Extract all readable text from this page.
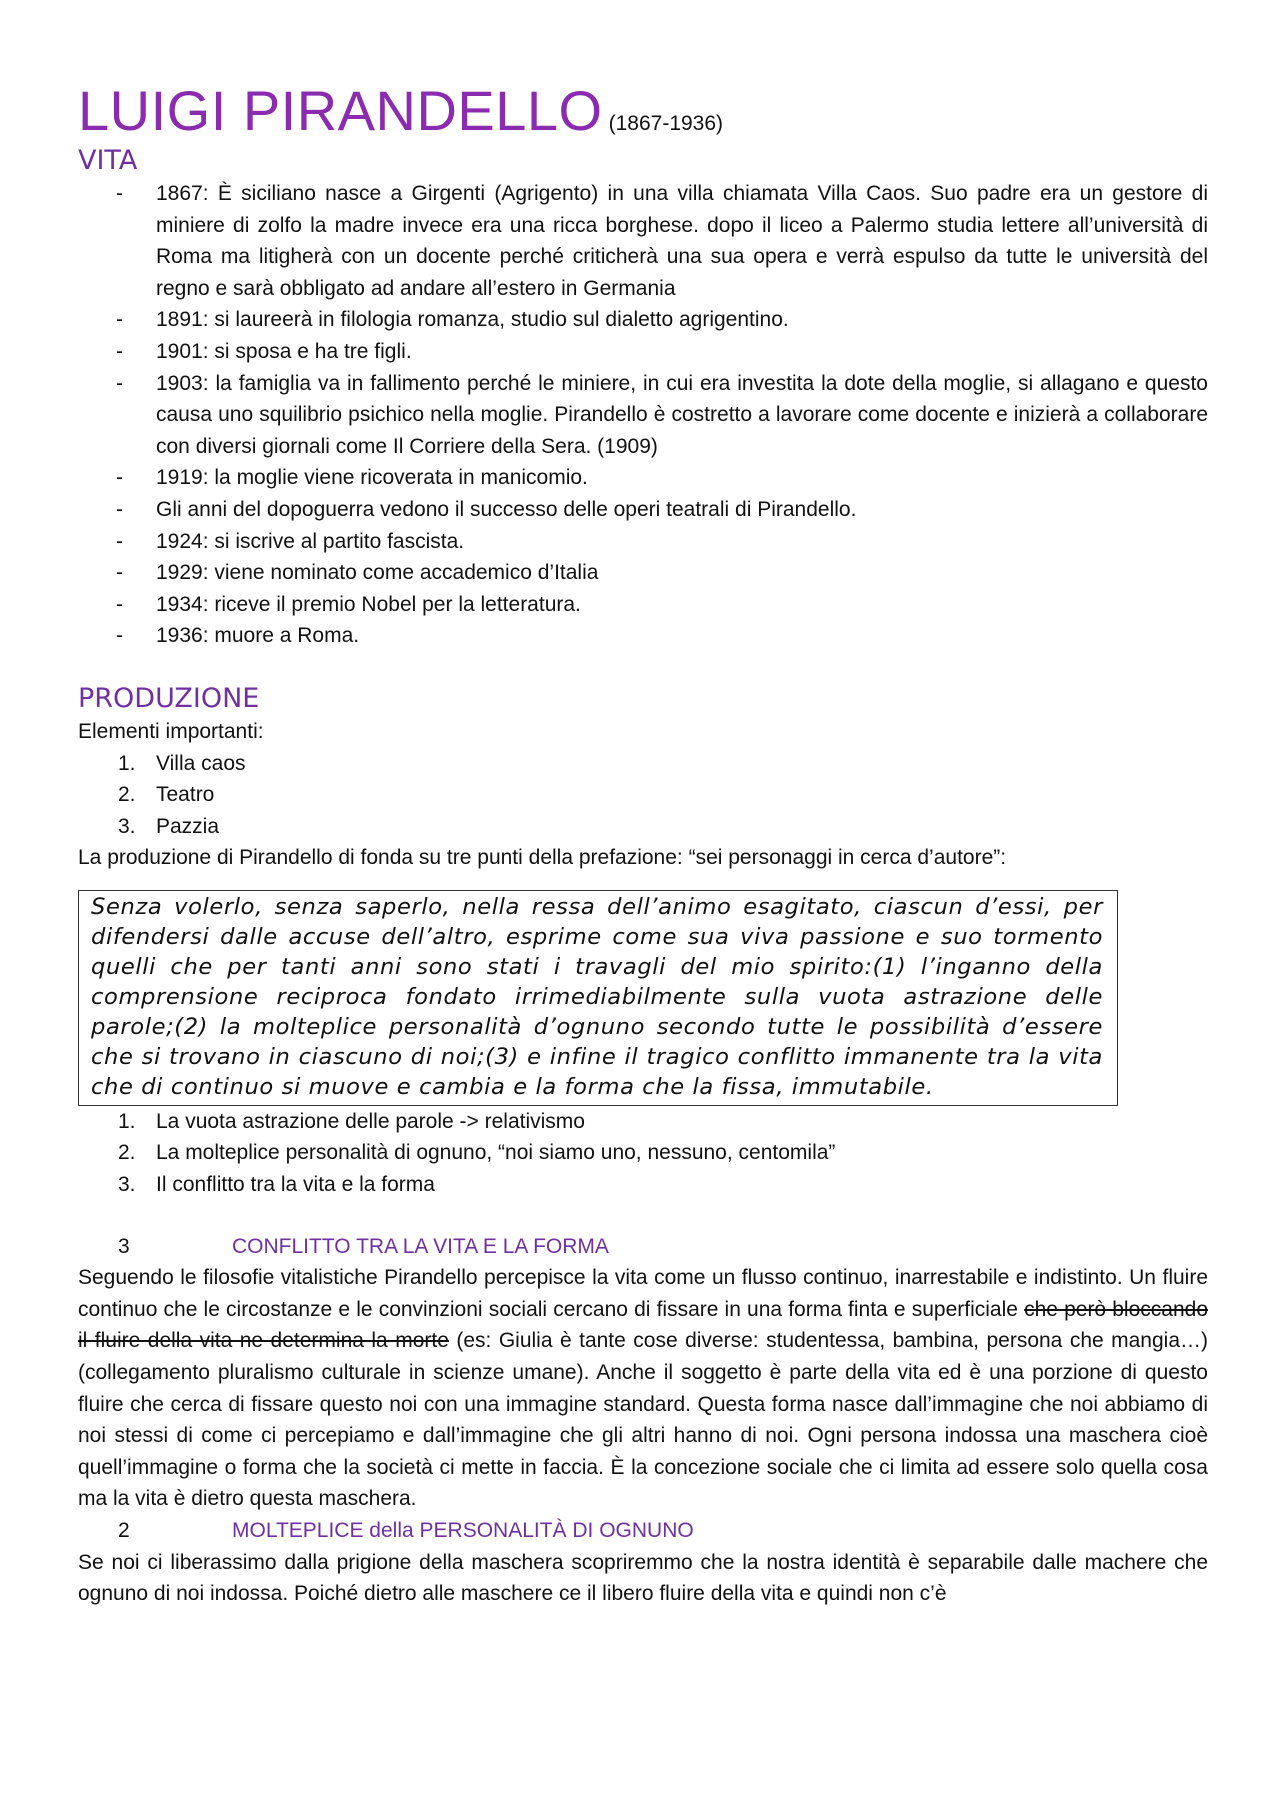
LUIGI PIRANDELLO (1867-1936)
VITA
- 1867: È siciliano nasce a Girgenti (Agrigento) in una villa chiamata Villa Caos. Suo padre era un gestore di miniere di zolfo la madre invece era una ricca borghese. dopo il liceo a Palermo studia lettere all’università di Roma ma litigherà con un docente perché criticherà una sua opera e verrà espulso da tutte le università del regno e sarà obbligato ad andare all’estero in Germania
- 1891: si laureerà in filologia romanza, studio sul dialetto agrigentino.
- 1901: si sposa e ha tre figli.
- 1903: la famiglia va in fallimento perché le miniere, in cui era investita la dote della moglie, si allagano e questo causa uno squilibrio psichico nella moglie. Pirandello è costretto a lavorare come docente e inizierà a collaborare con diversi giornali come Il Corriere della Sera. (1909)
- 1919: la moglie viene ricoverata in manicomio.
- Gli anni del dopoguerra vedono il successo delle operi teatrali di Pirandello.
- 1924: si iscrive al partito fascista.
- 1929: viene nominato come accademico d’Italia
- 1934: riceve il premio Nobel per la letteratura.
- 1936: muore a Roma.
PRODUZIONE
Elementi importanti:
1. Villa caos
2. Teatro
3. Pazzia
La produzione di Pirandello di fonda su tre punti della prefazione: “sei personaggi in cerca d’autore”:
Senza volerlo, senza saperlo, nella ressa dell’animo esagitato, ciascun d’essi, per difendersi dalle accuse dell’altro, esprime come sua viva passione e suo tormento quelli che per tanti anni sono stati i travagli del mio spirito:(1) l’inganno della comprensione reciproca fondato irrimediabilmente sulla vuota astrazione delle parole;(2) la molteplice personalità d’ognuno secondo tutte le possibilità d’essere che si trovano in ciascuno di noi;(3) e infine il tragico conflitto immanente tra la vita che di continuo si muove e cambia e la forma che la fissa, immutabile.
1. La vuota astrazione delle parole -> relativismo
2. La molteplice personalità di ognuno, “noi siamo uno, nessuno, centomila”
3. Il conflitto tra la vita e la forma
3	CONFLITTO TRA LA VITA E LA FORMA
Seguendo le filosofie vitalistiche Pirandello percepisce la vita come un flusso continuo, inarrestabile e indistinto. Un fluire continuo che le circostanze e le convinzioni sociali cercano di fissare in una forma finta e superficiale che però bloccando il fluire della vita ne determina la morte (es: Giulia è tante cose diverse: studentessa, bambina, persona che mangia…)(collegamento pluralismo culturale in scienze umane). Anche il soggetto è parte della vita ed è una porzione di questo fluire che cerca di fissare questo noi con una immagine standard. Questa forma nasce dall’immagine che noi abbiamo di noi stessi di come ci percepiamo e dall’immagine che gli altri hanno di noi. Ogni persona indossa una maschera cioè quell’immagine o forma che la società ci mette in faccia. È la concezione sociale che ci limita ad essere solo quella cosa ma la vita è dietro questa maschera.
2	MOLTEPLICE della PERSONALITÀ DI OGNUNO
Se noi ci liberassimo dalla prigione della maschera scopriremmo che la nostra identità è separabile dalle machere che ognuno di noi indossa. Poiché dietro alle maschere ce il libero fluire della vita e quindi non c’è
